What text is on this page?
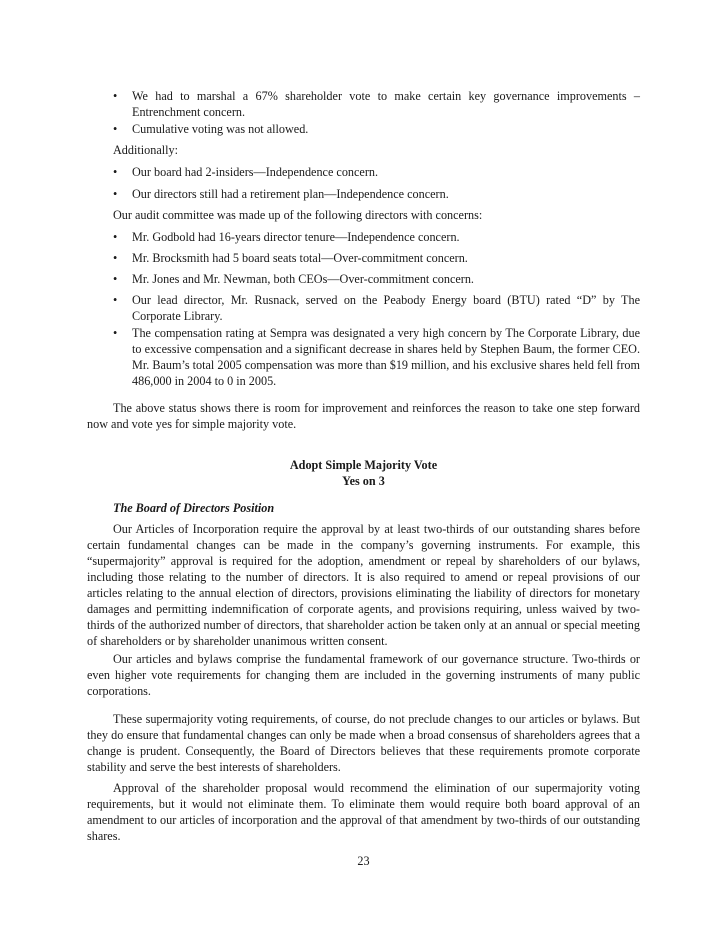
• We had to marshal a 67% shareholder vote to make certain key governance improvements – Entrenchment concern.
• Cumulative voting was not allowed.
Additionally:
• Our board had 2-insiders—Independence concern.
• Our directors still had a retirement plan—Independence concern.
Our audit committee was made up of the following directors with concerns:
• Mr. Godbold had 16-years director tenure—Independence concern.
• Mr. Brocksmith had 5 board seats total—Over-commitment concern.
• Mr. Jones and Mr. Newman, both CEOs—Over-commitment concern.
• Our lead director, Mr. Rusnack, served on the Peabody Energy board (BTU) rated “D” by The Corporate Library.
• The compensation rating at Sempra was designated a very high concern by The Corporate Library, due to excessive compensation and a significant decrease in shares held by Stephen Baum, the former CEO. Mr. Baum’s total 2005 compensation was more than $19 million, and his exclusive shares held fell from 486,000 in 2004 to 0 in 2005.
The above status shows there is room for improvement and reinforces the reason to take one step forward now and vote yes for simple majority vote.
Adopt Simple Majority Vote
Yes on 3
The Board of Directors Position
Our Articles of Incorporation require the approval by at least two-thirds of our outstanding shares before certain fundamental changes can be made in the company’s governing instruments. For example, this “supermajority” approval is required for the adoption, amendment or repeal by shareholders of our bylaws, including those relating to the number of directors. It is also required to amend or repeal provisions of our articles relating to the annual election of directors, provisions eliminating the liability of directors for monetary damages and permitting indemnification of corporate agents, and provisions requiring, unless waived by two-thirds of the authorized number of directors, that shareholder action be taken only at an annual or special meeting of shareholders or by shareholder unanimous written consent.
Our articles and bylaws comprise the fundamental framework of our governance structure. Two-thirds or even higher vote requirements for changing them are included in the governing instruments of many public corporations.
These supermajority voting requirements, of course, do not preclude changes to our articles or bylaws. But they do ensure that fundamental changes can only be made when a broad consensus of shareholders agrees that a change is prudent. Consequently, the Board of Directors believes that these requirements promote corporate stability and serve the best interests of shareholders.
Approval of the shareholder proposal would recommend the elimination of our supermajority voting requirements, but it would not eliminate them. To eliminate them would require both board approval of an amendment to our articles of incorporation and the approval of that amendment by two-thirds of our outstanding shares.
23
